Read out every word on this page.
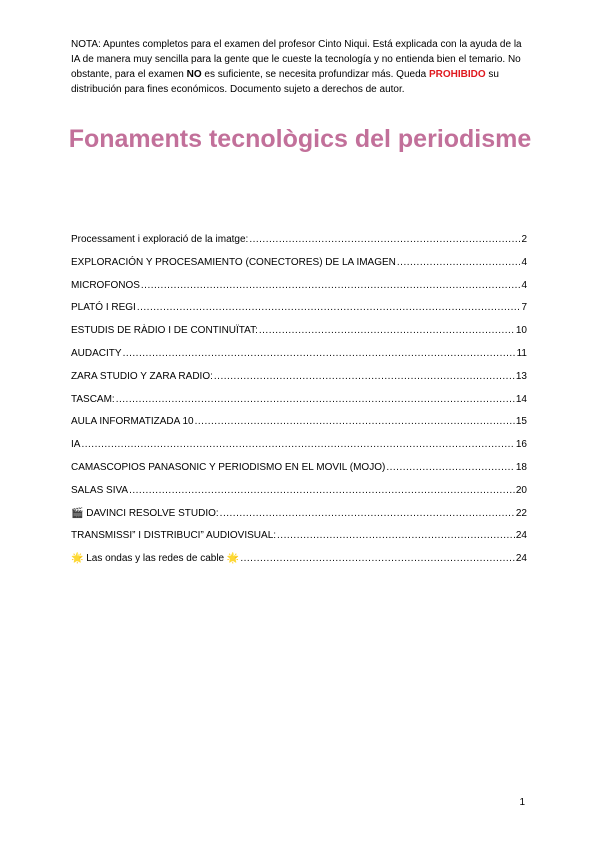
NOTA: Apuntes completos para el examen del profesor Cinto Niqui. Está explicada con la ayuda de la IA de manera muy sencilla para la gente que le cueste la tecnología y no entienda bien el temario. No obstante, para el examen NO es suficiente, se necesita profundizar más. Queda PROHIBIDO su distribución para fines económicos. Documento sujeto a derechos de autor.

Fonaments tecnològics del periodisme
Processament i exploració de la imatge: .....	2
EXPLORACIÓN Y PROCESAMIENTO (CONECTORES) DE LA IMAGEN .....	4
MICROFONOS .....	4
PLATÓ I REGI .....	7
ESTUDIS DE RÀDIO I DE CONTINUÏTAT: .....	10
AUDACITY .....	11
ZARA STUDIO Y ZARA RADIO: .....	13
TASCAM: .....	14
AULA INFORMATIZADA 10 .....	15
IA .....	16
CAMASCOPIOS PANASONIC Y PERIODISMO EN EL MOVIL (MOJO) .....	18
SALAS SIVA .....	20
🎬 DAVINCI RESOLVE STUDIO: .....	22
TRANSMISSI” I DISTRIBUCI” AUDIOVISUAL: .....	24
🌟 Las ondas y las redes de cable 🌟 .....	24
1
